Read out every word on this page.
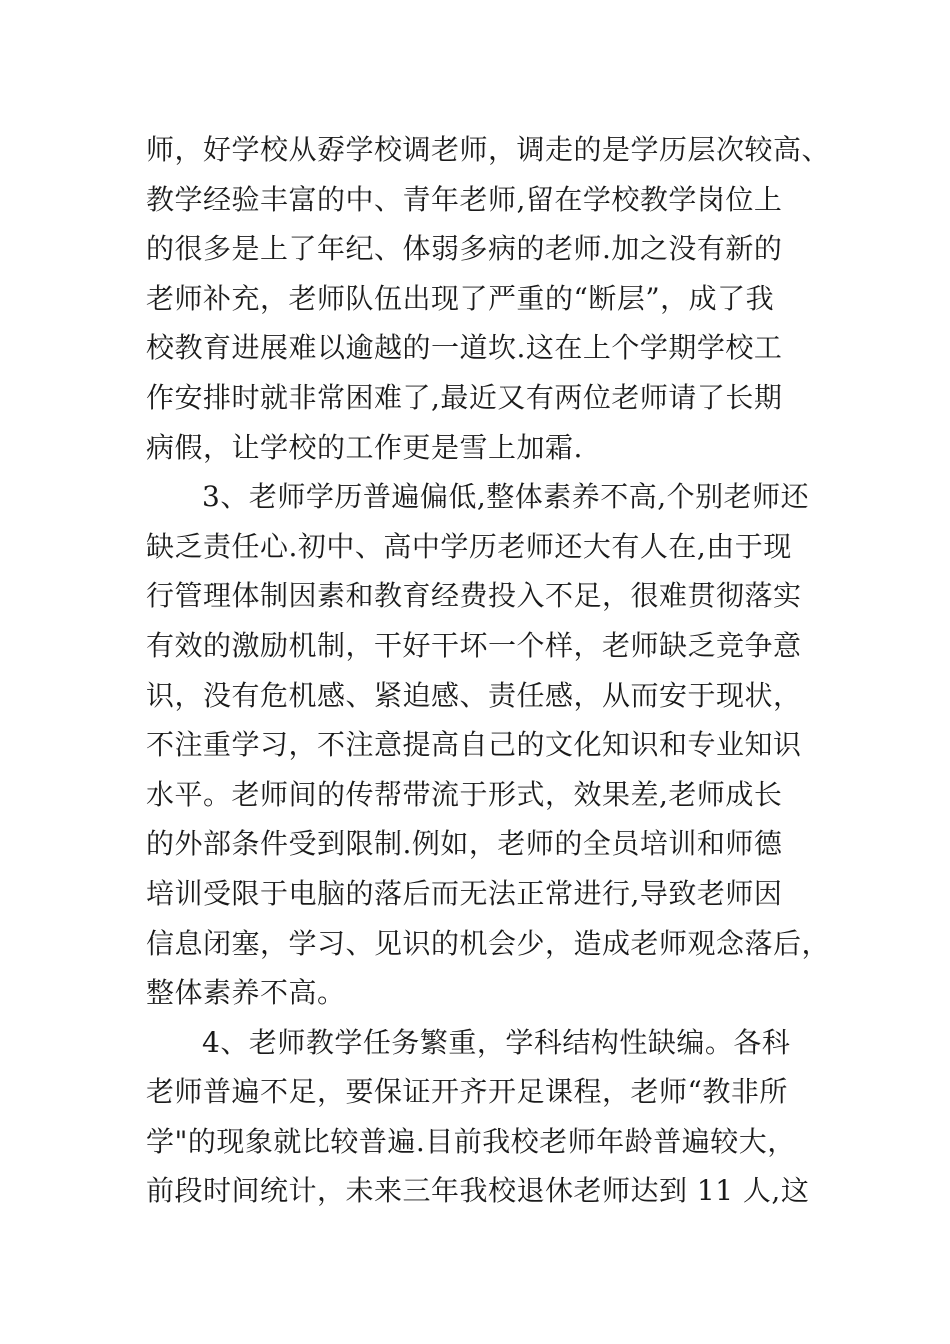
师，好学校从孬学校调老师，调走的是学历层次较高、
教学经验丰富的中、青年老师,留在学校教学岗位上
的很多是上了年纪、体弱多病的老师.加之没有新的
老师补充，老师队伍出现了严重的“断层”，成了我
校教育进展难以逾越的一道坎.这在上个学期学校工
作安排时就非常困难了,最近又有两位老师请了长期
病假，让学校的工作更是雪上加霜.
3、老师学历普遍偏低,整体素养不高,个别老师还
缺乏责任心.初中、高中学历老师还大有人在,由于现
行管理体制因素和教育经费投入不足，很难贯彻落实
有效的激励机制，干好干坏一个样，老师缺乏竞争意
识，没有危机感、紧迫感、责任感，从而安于现状，
不注重学习，不注意提高自己的文化知识和专业知识
水平。老师间的传帮带流于形式，效果差,老师成长
的外部条件受到限制.例如，老师的全员培训和师德
培训受限于电脑的落后而无法正常进行,导致老师因
信息闭塞，学习、见识的机会少，造成老师观念落后，
整体素养不高。
4、老师教学任务繁重，学科结构性缺编。各科
老师普遍不足，要保证开齐开足课程，老师“教非所
学"的现象就比较普遍.目前我校老师年龄普遍较大，
前段时间统计，未来三年我校退休老师达到 11 人,这
